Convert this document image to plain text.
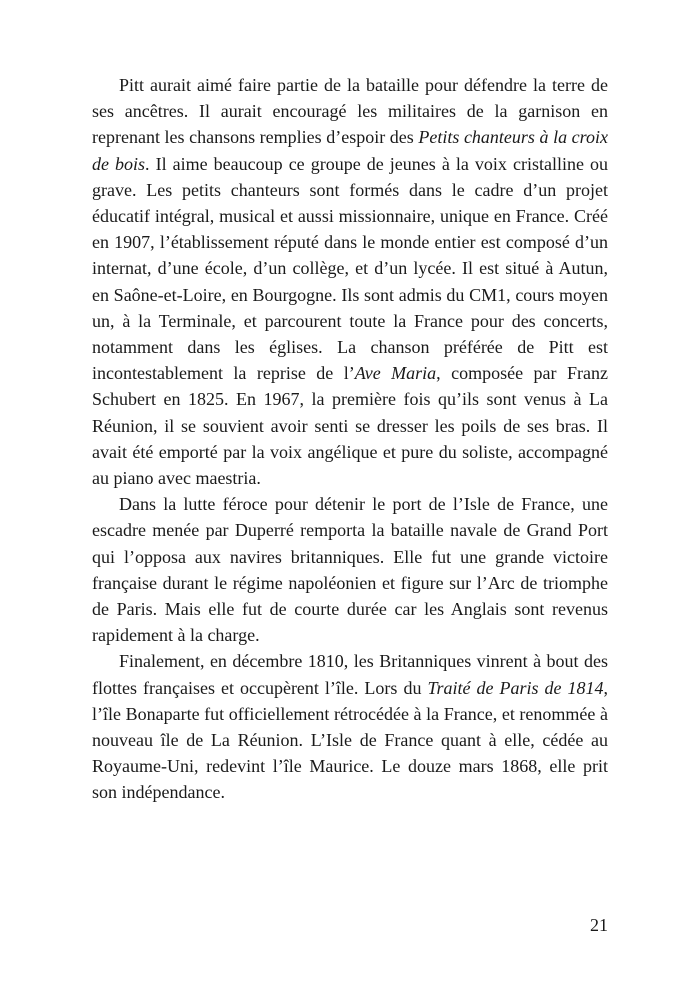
Pitt aurait aimé faire partie de la bataille pour défendre la terre de ses ancêtres. Il aurait encouragé les militaires de la garnison en reprenant les chansons remplies d’espoir des Petits chanteurs à la croix de bois. Il aime beaucoup ce groupe de jeunes à la voix cristalline ou grave. Les petits chanteurs sont formés dans le cadre d’un projet éducatif intégral, musical et aussi missionnaire, unique en France. Créé en 1907, l’établissement réputé dans le monde entier est composé d’un internat, d’une école, d’un collège, et d’un lycée. Il est situé à Autun, en Saône-et-Loire, en Bourgogne. Ils sont admis du CM1, cours moyen un, à la Terminale, et parcourent toute la France pour des concerts, notamment dans les églises. La chanson préférée de Pitt est incontestablement la reprise de l’Ave Maria, composée par Franz Schubert en 1825. En 1967, la première fois qu’ils sont venus à La Réunion, il se souvient avoir senti se dresser les poils de ses bras. Il avait été emporté par la voix angélique et pure du soliste, accompagné au piano avec maestria.

Dans la lutte féroce pour détenir le port de l’Isle de France, une escadre menée par Duperré remporta la bataille navale de Grand Port qui l’opposa aux navires britanniques. Elle fut une grande victoire française durant le régime napoléonien et figure sur l’Arc de triomphe de Paris. Mais elle fut de courte durée car les Anglais sont revenus rapidement à la charge.

Finalement, en décembre 1810, les Britanniques vinrent à bout des flottes françaises et occupèrent l’île. Lors du Traité de Paris de 1814, l’île Bonaparte fut officiellement rétrocédée à la France, et renommée à nouveau île de La Réunion. L’Isle de France quant à elle, cédée au Royaume-Uni, redevint l’île Maurice. Le douze mars 1868, elle prit son indépendance.

21
